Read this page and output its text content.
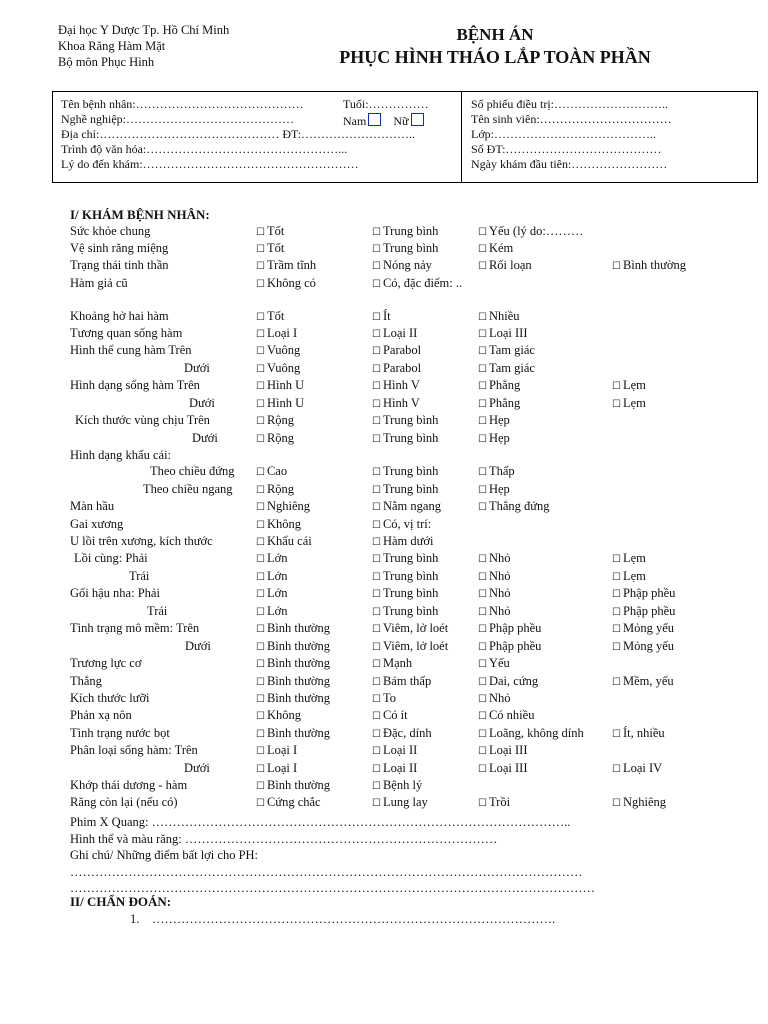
Đại học Y Dược Tp. Hồ Chí Minh
Khoa Răng Hàm Mặt
Bộ môn Phục Hình
BỆNH ÁN
PHỤC HÌNH THÁO LẮP TOÀN PHẦN
Tên bệnh nhân:……………………………………	Tuổi:……………
Nghề nghiệp:……………………………………	Nam Nữ
Địa chỉ:……………………………………… ĐT:………………………..
Trình độ văn hóa:…………………………………………...
Lý do đến khám:………………………………………………
Số phiếu điều trị:………………………..
Tên sinh viên:……………………………
Lớp:…………………………………..
Số ĐT:…………………………………
Ngày khám đầu tiên:……………………
I/ KHÁM BỆNH NHÂN:
Sức khỏe chung	☐ Tốt	☐ Trung bình	☐ Yếu (lý do:………
Vệ sinh răng miệng	☐ Tốt	☐ Trung bình	☐ Kém
Trạng thái tinh thần	☐ Trầm tĩnh	☐ Nóng nảy	☐ Rối loạn	☐ Bình thường
Hàm giả cũ	☐ Không có	☐ Có, đặc điểm: ..
Khoảng hở hai hàm	☐ Tốt	☐ Ít	☐ Nhiều
Tương quan sống hàm	☐ Loại I	☐ Loại II	☐ Loại III
Hình thể cung hàm Trên	☐ Vuông	☐ Parabol	☐ Tam giác
Dưới	☐ Vuông	☐ Parabol	☐ Tam giác
Hình dạng sống hàm Trên	☐ Hình U	☐ Hình V	☐ Phẳng	☐ Lẹm
Dưới	☐ Hình U	☐ Hình V	☐ Phẳng	☐ Lẹm
Kích thước vùng chịu Trên	☐ Rộng	☐ Trung bình	☐ Hẹp
Dưới	☐ Rộng	☐ Trung bình	☐ Hẹp
Hình dạng khẩu cái:
Theo chiều đứng ☐ Cao	☐ Trung bình	☐ Thấp
Theo chiều ngang ☐ Rộng	☐ Trung bình	☐ Hẹp
Màn hầu	☐ Nghiêng	☐ Nằm ngang	☐ Thẳng đứng
Gai xương	☐ Không	☐ Có, vị trí:
U lồi trên xương, kích thước	☐ Khẩu cái	☐ Hàm dưới
Lồi cùng: Phải	☐ Lớn	☐ Trung bình	☐ Nhỏ	☐ Lẹm
Trái	☐ Lớn	☐ Trung bình	☐ Nhỏ	☐ Lẹm
Gối hậu nha: Phải	☐ Lớn	☐ Trung bình	☐ Nhỏ	☐ Phập phều
Trái	☐ Lớn	☐ Trung bình	☐ Nhỏ	☐ Phập phều
Tình trạng mô mềm: Trên	☐ Bình thường	☐ Viêm, lở loét	☐ Phập phều	☐ Mỏng yếu
Dưới	☐ Bình thường	☐ Viêm, lở loét	☐ Phập phều	☐ Mỏng yếu
Trương lực cơ	☐ Bình thường	☐ Mạnh	☐ Yếu
Thắng	☐ Bình thường	☐ Bám thấp	☐ Dai, cứng	☐ Mềm, yếu
Kích thước lưỡi	☐ Bình thường	☐ To	☐ Nhỏ
Phản xạ nôn	☐ Không	☐ Có ít	☐ Có nhiều
Tình trạng nước bọt	☐ Bình thường	☐ Đặc, dính	☐ Loãng, không dính	☐ Ít, nhiều
Phân loại sống hàm: Trên	☐ Loại I	☐ Loại II	☐ Loại III
Dưới	☐ Loại I	☐ Loại II	☐ Loại III	☐ Loại IV
Khớp thái dương - hàm	☐ Bình thường	☐ Bệnh lý
Răng còn lại (nếu có)	☐ Cứng chắc	☐ Lung lay	☐ Trồi	☐ Nghiêng
Phim X Quang: ………………………………………………………………………………………..
Hình thể và màu răng: …………………………………………………………………
Ghi chú/ Những điểm bất lợi cho PH:
……………………………………………………………………………………………………………
………………………………………………………………………………………………………………
II/ CHẨN ĐOÁN:
1. …………………………………………………………………………………….
